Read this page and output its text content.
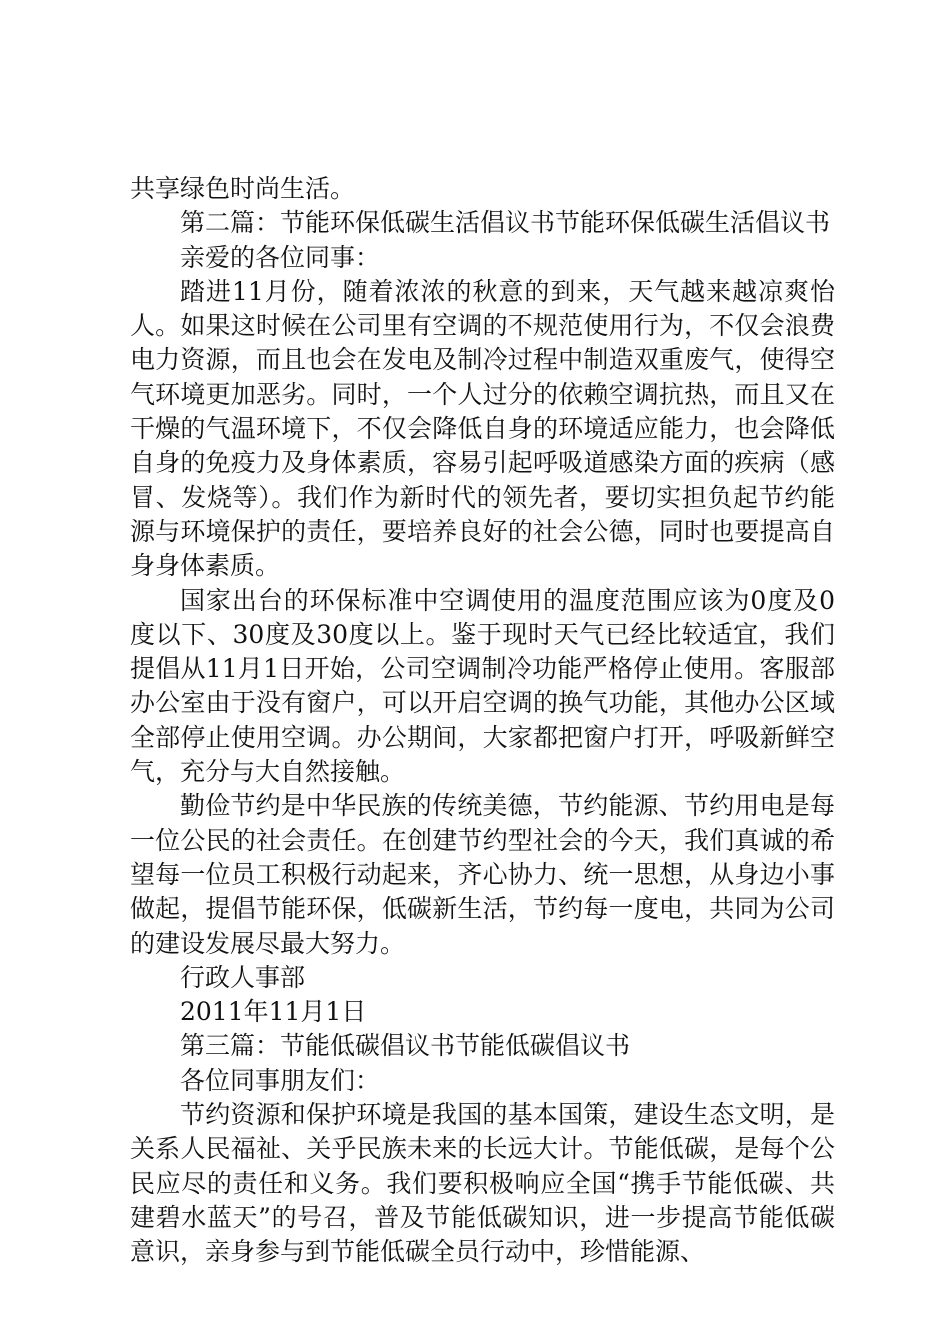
共享绿色时尚生活。

第二篇：节能环保低碳生活倡议书节能环保低碳生活倡议书

亲爱的各位同事：

踏进11月份，随着浓浓的秋意的到来，天气越来越凉爽怡人。如果这时候在公司里有空调的不规范使用行为，不仅会浪费电力资源，而且也会在发电及制冷过程中制造双重废气，使得空气环境更加恶劣。同时，一个人过分的依赖空调抗热，而且又在干燥的气温环境下，不仅会降低自身的环境适应能力，也会降低自身的免疫力及身体素质，容易引起呼吸道感染方面的疾病（感冒、发烧等）。我们作为新时代的领先者，要切实担负起节约能源与环境保护的责任，要培养良好的社会公德，同时也要提高自身身体素质。

国家出台的环保标准中空调使用的温度范围应该为0度及0度以下、30度及30度以上。鉴于现时天气已经比较适宜，我们提倡从11月1日开始，公司空调制冷功能严格停止使用。客服部办公室由于没有窗户，可以开启空调的换气功能，其他办公区域全部停止使用空调。办公期间，大家都把窗户打开，呼吸新鲜空气，充分与大自然接触。

勤俭节约是中华民族的传统美德，节约能源、节约用电是每一位公民的社会责任。在创建节约型社会的今天，我们真诚的希望每一位员工积极行动起来，齐心协力、统一思想，从身边小事做起，提倡节能环保，低碳新生活，节约每一度电，共同为公司的建设发展尽最大努力。

行政人事部

2011年11月1日

第三篇：节能低碳倡议书节能低碳倡议书

各位同事朋友们：

节约资源和保护环境是我国的基本国策，建设生态文明，是关系人民福祉、关乎民族未来的长远大计。节能低碳，是每个公民应尽的责任和义务。我们要积极响应全国“携手节能低碳、共建碧水蓝天”的号召，普及节能低碳知识，进一步提高节能低碳意识，亲身参与到节能低碳全员行动中，珍惜能源、
